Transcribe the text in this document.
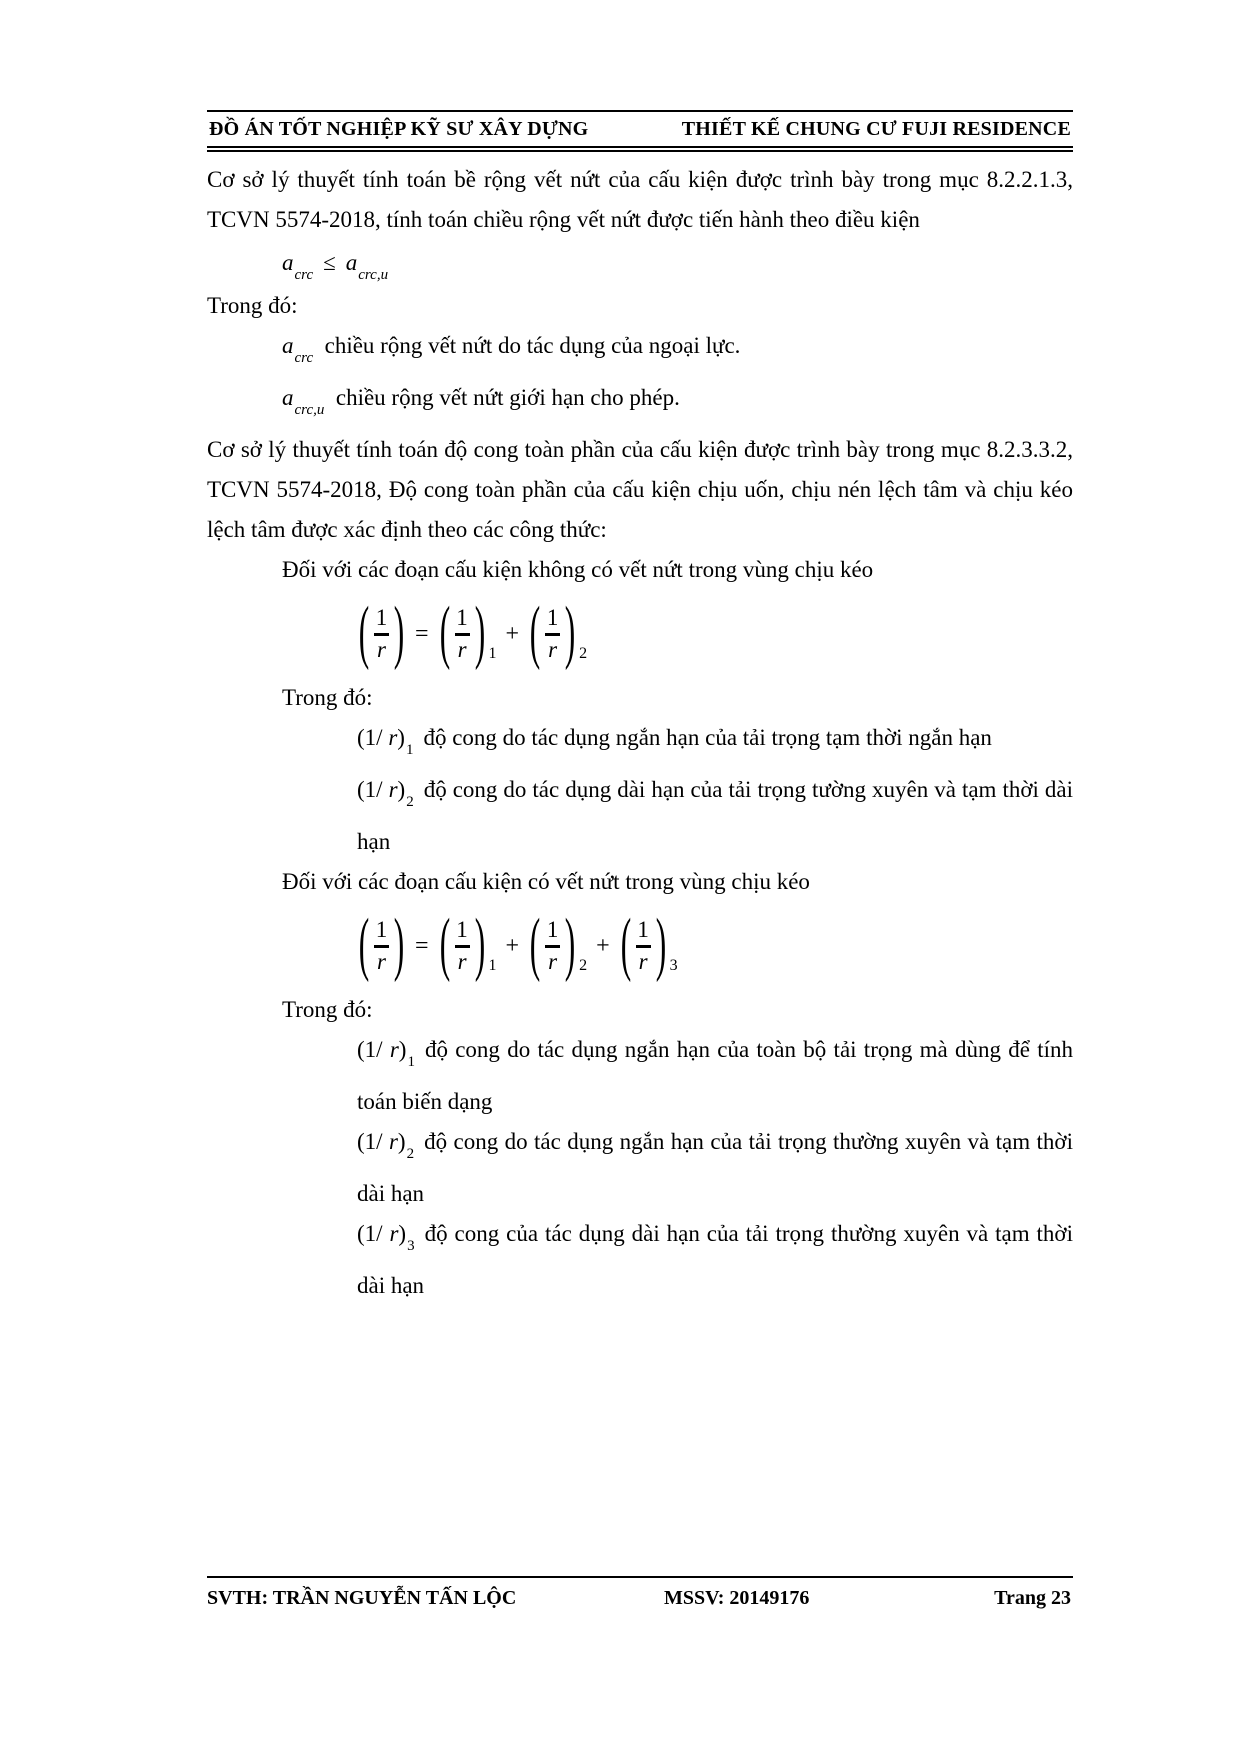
ĐỒ ÁN TỐT NGHIỆP KỸ SƯ XÂY DỰNG	THIẾT KẾ CHUNG CƯ FUJI RESIDENCE

Cơ sở lý thuyết tính toán bề rộng vết nứt của cấu kiện được trình bày trong mục 8.2.2.1.3, TCVN 5574-2018, tính toán chiều rộng vết nứt được tiến hành theo điều kiện

$a_{crc} \le a_{crc,u}$

Trong đó:

$a_{crc}$ chiều rộng vết nứt do tác dụng của ngoại lực.

$a_{crc,u}$ chiều rộng vết nứt giới hạn cho phép.

Cơ sở lý thuyết tính toán độ cong toàn phần của cấu kiện được trình bày trong mục 8.2.3.3.2, TCVN 5574-2018, Độ cong toàn phần của cấu kiện chịu uốn, chịu nén lệch tâm và chịu kéo lệch tâm được xác định theo các công thức:

Đối với các đoạn cấu kiện không có vết nứt trong vùng chịu kéo

( 1
r ) = ( 1
r ) 1
+ ( 1
r ) 2

Trong đó:

(1/ $r)_1$ độ cong do tác dụng ngắn hạn của tải trọng tạm thời ngắn hạn

(1/ $r)_2$ độ cong do tác dụng dài hạn của tải trọng tường xuyên và tạm thời dài hạn

Đối với các đoạn cấu kiện có vết nứt trong vùng chịu kéo

( 1
r ) = ( 1
r ) 1
+ ( 1
r ) 2
+ ( 1
r ) 3

Trong đó:

(1/ $r)_1$ độ cong do tác dụng ngắn hạn của toàn bộ tải trọng mà dùng để tính toán biến dạng

(1/ $r)_2$ độ cong do tác dụng ngắn hạn của tải trọng thường xuyên và tạm thời dài hạn

(1/ $r)_3$ độ cong của tác dụng dài hạn của tải trọng thường xuyên và tạm thời dài hạn

SVTH: TRẦN NGUYỄN TẤN LỘC	MSSV: 20149176	Trang 23
